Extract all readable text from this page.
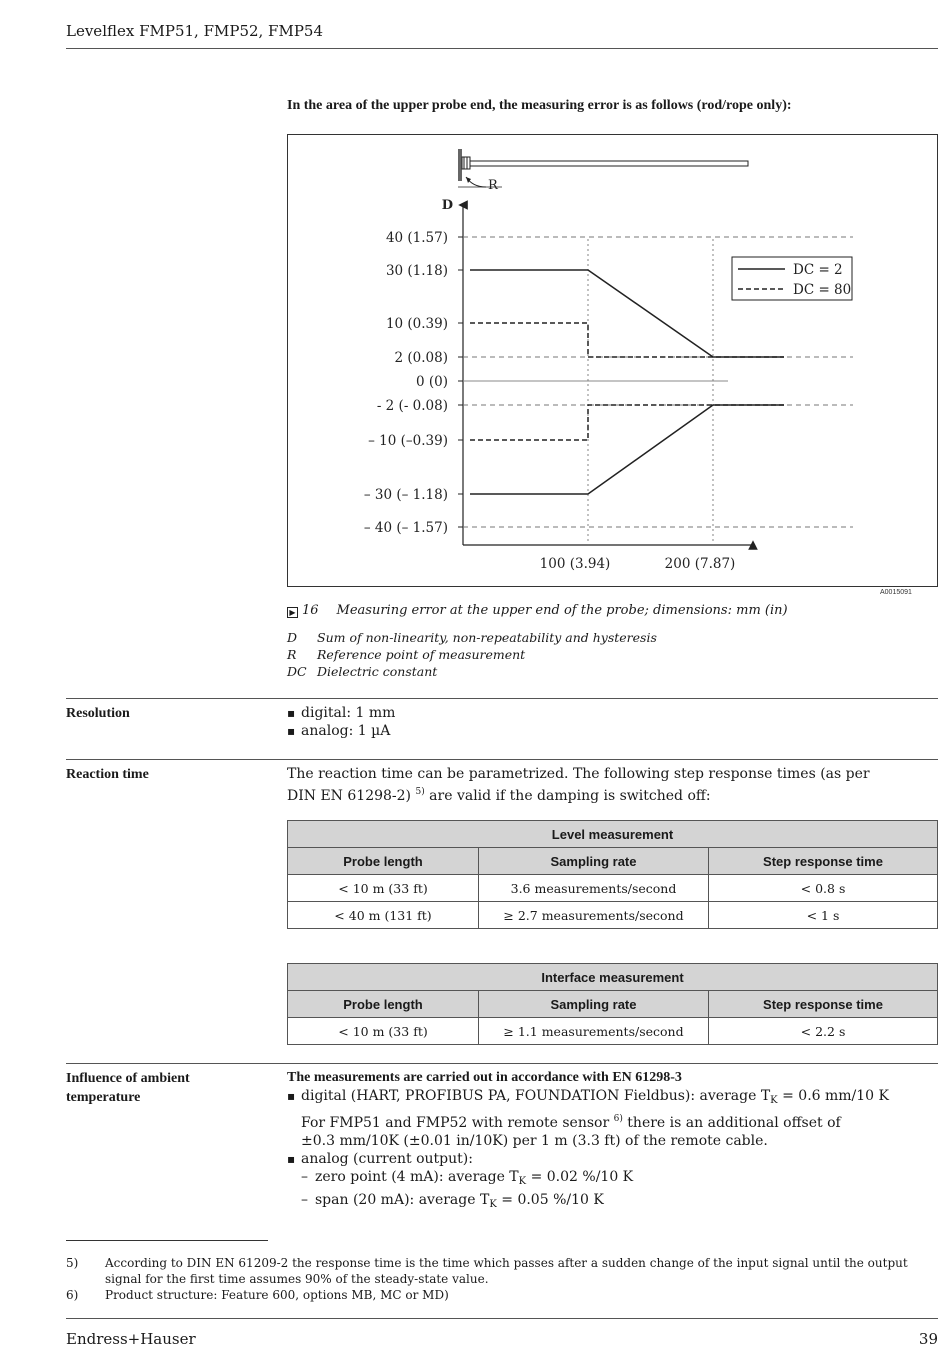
Levelflex FMP51, FMP52, FMP54
In the area of the upper probe end, the measuring error is as follows (rod/rope only):
R
D
40 (1.57)
30 (1.18)
10 (0.39)
2 (0.08)
0 (0)
- 2 (- 0.08)
– 10 (–0.39)
– 30 (– 1.18)
– 40 (– 1.57)
100 (3.94)	200 (7.87)
DC = 2
DC = 80
A0015091
▶ 16 Measuring error at the upper end of the probe; dimensions: mm (in)
D Sum of non-linearity, non-repeatability and hysteresis
R Reference point of measurement
DC Dielectric constant
Resolution	▪ digital: 1 mm
▪ analog: 1 µA
Reaction time	The reaction time can be parametrized. The following step response times (as per DIN EN 61298-2) $^{5)}$ are valid if the damping is switched off:
Level measurement		
Probe length	Sampling rate	Step response time
< 10 m (33 ft)	3.6 measurements/second	< 0.8 s
< 40 m (131 ft)	≥ 2.7 measurements/second	< 1 s
Interface measurement		
Probe length	Sampling rate	Step response time
< 10 m (33 ft)	≥ 1.1 measurements/second	< 2.2 s
Influence of ambient
temperature
The measurements are carried out in accordance with EN 61298-3
▪ digital (HART, PROFIBUS PA, FOUNDATION Fieldbus): average $T_K = 0.6$ mm/10 K
For FMP51 and FMP52 with remote sensor $^{6)}$ there is an additional offset of
±0.3 mm/10K (±0.01 in/10K) per 1 m (3.3 ft) of the remote cable.
▪ analog (current output):
– zero point (4 mA): average $T_K = 0.02$ %/10 K
– span (20 mA): average $T_K = 0.05$ %/10 K
5) According to DIN EN 61209-2 the response time is the time which passes after a sudden change of the input signal until the output signal for the first time assumes 90% of the steady-state value.
6) Product structure: Feature 600, options MB, MC or MD)
Endress+Hauser	39
